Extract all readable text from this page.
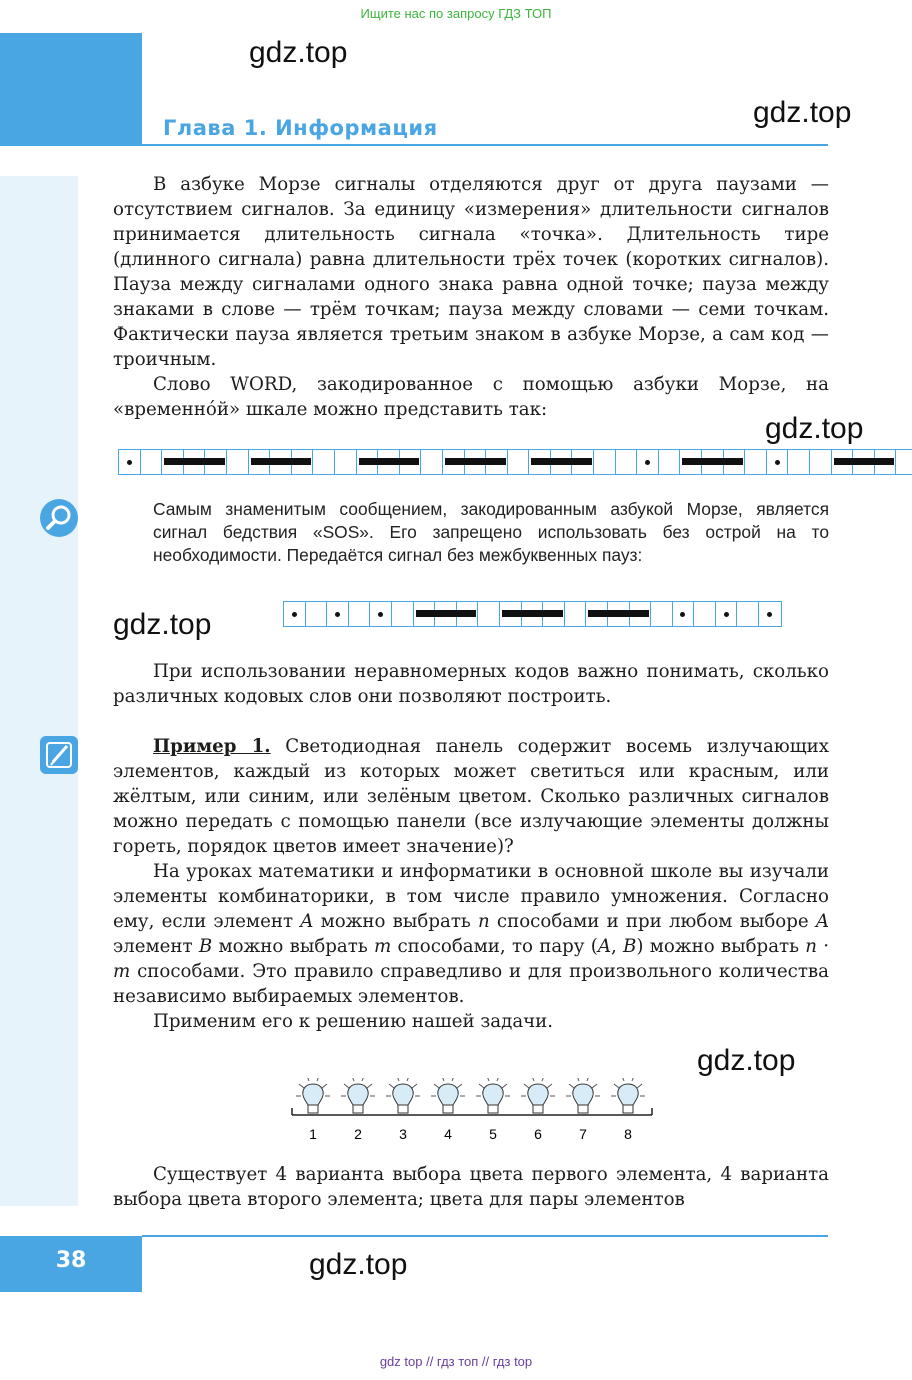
Ищите нас по запросу ГДЗ ТОП
Глава 1. Информация
gdz.top
gdz.top
gdz.top
gdz.top
gdz.top
gdz.top

В азбуке Морзе сигналы отделяются друг от друга паузами — отсутствием сигналов. За единицу «измерения» длительности сигналов принимается длительность сигнала «точка». Длительность тире (длинного сигнала) равна длительности трёх точек (коротких сигналов). Пауза между сигналами одного знака равна одной точке; пауза между знаками в слове — трём точкам; пауза между словами — семи точкам. Фактически пауза является третьим знаком в азбуке Морзе, а сам код — троичным.

Слово WORD, закодированное с помощью азбуки Морзе, на «временнóй» шкале можно представить так:

Самым знаменитым сообщением, закодированным азбукой Морзе, является сигнал бедствия «SOS». Его запрещено использовать без острой на то необходимости. Передаётся сигнал без межбуквенных пауз:

При использовании неравномерных кодов важно понимать, сколько различных кодовых слов они позволяют построить.

Пример 1. Светодиодная панель содержит восемь излучающих элементов, каждый из которых может светиться или красным, или жёлтым, или синим, или зелёным цветом. Сколько различных сигналов можно передать с помощью панели (все излучающие элементы должны гореть, порядок цветов имеет значение)?

На уроках математики и информатики в основной школе вы изучали элементы комбинаторики, в том числе правило умножения. Согласно ему, если элемент A можно выбрать n способами и при любом выборе A элемент B можно выбрать m способами, то пару (A, B) можно выбрать n · m способами. Это правило справедливо и для произвольного количества независимо выбираемых элементов.

Применим его к решению нашей задачи.

1	2	3	4	5	6	7	8

Существует 4 варианта выбора цвета первого элемента, 4 варианта выбора цвета второго элемента; цвета для пары элементов

38
gdz top // гдз топ // гдз top
